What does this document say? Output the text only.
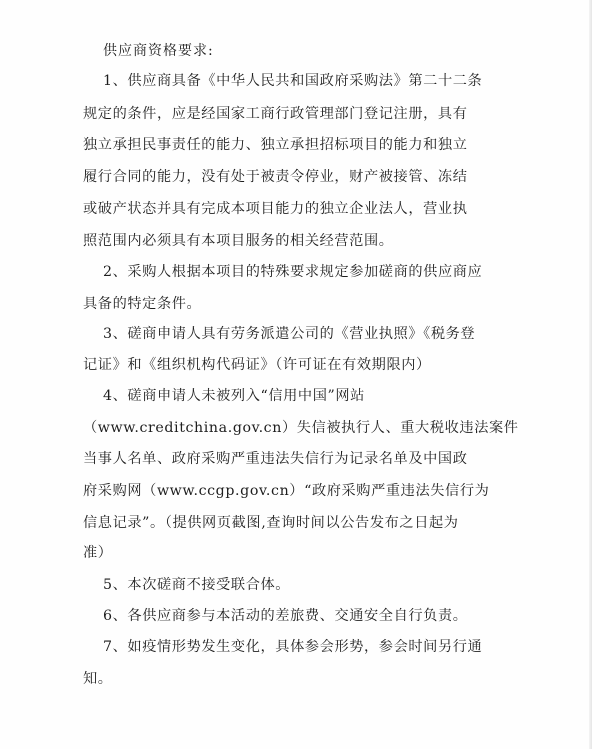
供应商资格要求:
1、供应商具备《中华人民共和国政府采购法》第二十二条
规定的条件，应是经国家工商行政管理部门登记注册，具有
独立承担民事责任的能力、独立承担招标项目的能力和独立
履行合同的能力，没有处于被责令停业，财产被接管、冻结
或破产状态并具有完成本项目能力的独立企业法人，营业执
照范围内必须具有本项目服务的相关经营范围。
2、采购人根据本项目的特殊要求规定参加磋商的供应商应
具备的特定条件。
3、磋商申请人具有劳务派遣公司的《营业执照》《税务登
记证》和《组织机构代码证》（许可证在有效期限内）
4、磋商申请人未被列入“信用中国”网站
（www.creditchina.gov.cn）失信被执行人、重大税收违法案件
当事人名单、政府采购严重违法失信行为记录名单及中国政
府采购网（www.ccgp.gov.cn）“政府采购严重违法失信行为
信息记录”。（提供网页截图,查询时间以公告发布之日起为
准）
5、本次磋商不接受联合体。
6、各供应商参与本活动的差旅费、交通安全自行负责。
7、如疫情形势发生变化，具体参会形势，参会时间另行通
知。
